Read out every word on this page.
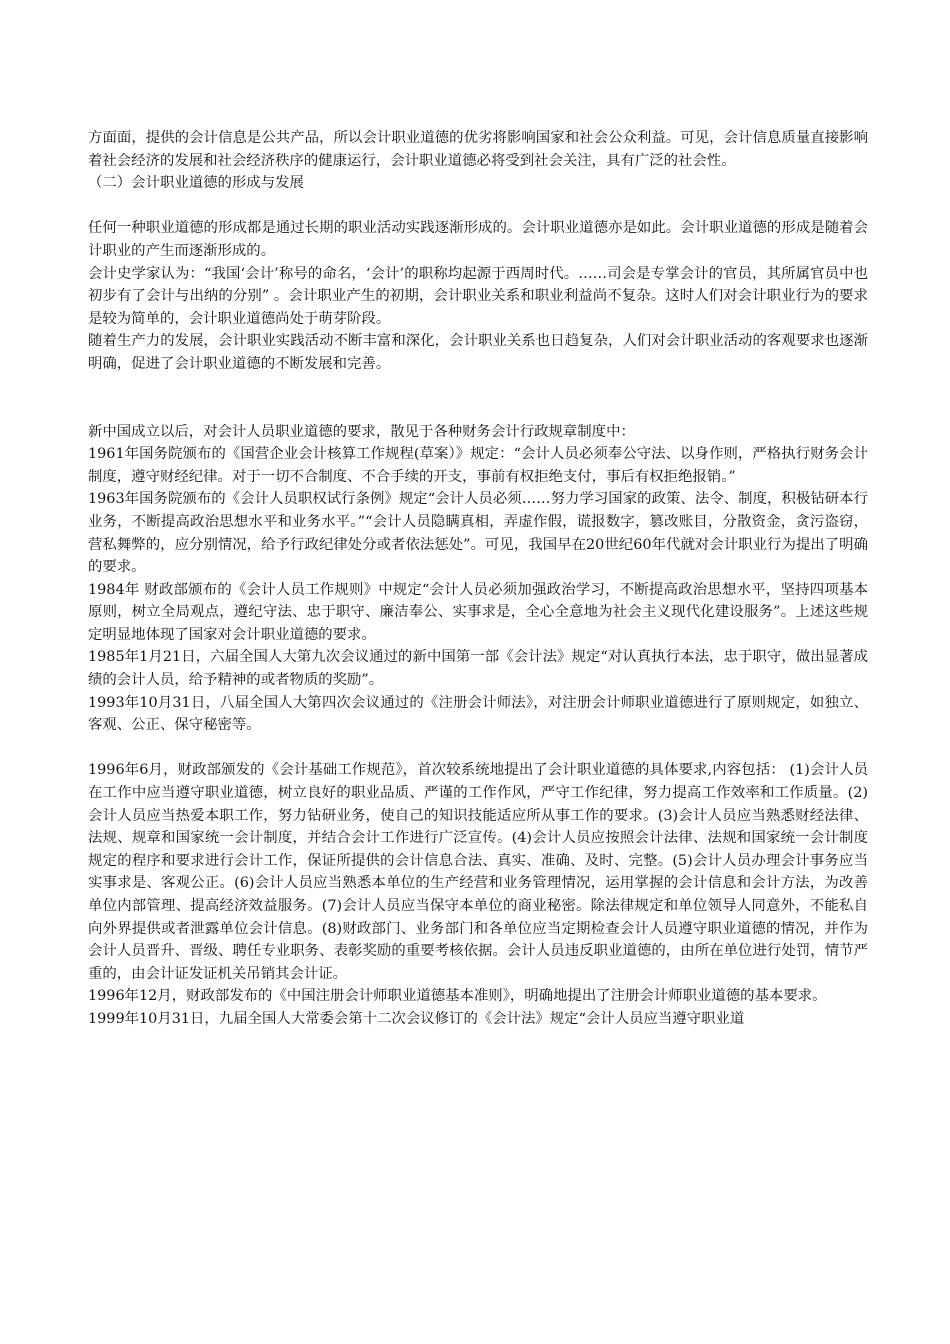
方面面，提供的会计信息是公共产品，所以会计职业道德的优劣将影响国家和社会公众利益。可见，会计信息质量直接影响着社会经济的发展和社会经济秩序的健康运行，会计职业道德必将受到社会关注，具有广泛的社会性。

（二）会计职业道德的形成与发展

任何一种职业道德的形成都是通过长期的职业活动实践逐渐形成的。会计职业道德亦是如此。会计职业道德的形成是随着会计职业的产生而逐渐形成的。

会计史学家认为：“我国‘会计’称号的命名，‘会计’的职称均起源于西周时代。……司会是专掌会计的官员，其所属官员中也初步有了会计与出纳的分别” 。会计职业产生的初期，会计职业关系和职业利益尚不复杂。这时人们对会计职业行为的要求是较为简单的，会计职业道德尚处于萌芽阶段。

随着生产力的发展，会计职业实践活动不断丰富和深化，会计职业关系也日趋复杂，人们对会计职业活动的客观要求也逐渐明确，促进了会计职业道德的不断发展和完善。

新中国成立以后，对会计人员职业道德的要求，散见于各种财务会计行政规章制度中：

1961年国务院颁布的《国营企业会计核算工作规程(草案）》规定：“会计人员必须奉公守法、以身作则，严格执行财务会计制度，遵守财经纪律。对于一切不合制度、不合手续的开支，事前有权拒绝支付，事后有权拒绝报销。”

1963年国务院颁布的《会计人员职权试行条例》规定“会计人员必须……努力学习国家的政策、法令、制度，积极钻研本行业务，不断提高政治思想水平和业务水平。”“会计人员隐瞒真相，弄虚作假，谎报数字，篡改账目，分散资金，贪污盗窃，营私舞弊的，应分别情况，给予行政纪律处分或者依法惩处”。可见，我国早在20世纪60年代就对会计职业行为提出了明确的要求。

1984年 财政部颁布的《会计人员工作规则》中规定“会计人员必须加强政治学习，不断提高政治思想水平，坚持四项基本原则，树立全局观点，遵纪守法、忠于职守、廉洁奉公、实事求是，全心全意地为社会主义现代化建设服务”。上述这些规定明显地体现了国家对会计职业道德的要求。

1985年1月21日，六届全国人大第九次会议通过的新中国第一部《会计法》规定“对认真执行本法，忠于职守，做出显著成绩的会计人员，给予精神的或者物质的奖励”。

1993年10月31日，八届全国人大第四次会议通过的《注册会计师法》，对注册会计师职业道德进行了原则规定，如独立、客观、公正、保守秘密等。

1996年6月，财政部颁发的《会计基础工作规范》，首次较系统地提出了会计职业道德的具体要求,内容包括： (1)会计人员在工作中应当遵守职业道德，树立良好的职业品质、严谨的工作作风，严守工作纪律，努力提高工作效率和工作质量。(2)会计人员应当热爱本职工作，努力钻研业务，使自己的知识技能适应所从事工作的要求。(3)会计人员应当熟悉财经法律、法规、规章和国家统一会计制度，并结合会计工作进行广泛宣传。(4)会计人员应按照会计法律、法规和国家统一会计制度规定的程序和要求进行会计工作，保证所提供的会计信息合法、真实、准确、及时、完整。(5)会计人员办理会计事务应当实事求是、客观公正。(6)会计人员应当熟悉本单位的生产经营和业务管理情况，运用掌握的会计信息和会计方法，为改善单位内部管理、提高经济效益服务。(7)会计人员应当保守本单位的商业秘密。除法律规定和单位领导人同意外，不能私自向外界提供或者泄露单位会计信息。(8)财政部门、业务部门和各单位应当定期检查会计人员遵守职业道德的情况，并作为会计人员晋升、晋级、聘任专业职务、表彰奖励的重要考核依据。会计人员违反职业道德的，由所在单位进行处罚，情节严重的，由会计证发证机关吊销其会计证。

1996年12月，财政部发布的《中国注册会计师职业道德基本准则》，明确地提出了注册会计师职业道德的基本要求。

1999年10月31日，九届全国人大常委会第十二次会议修订的《会计法》规定“会计人员应当遵守职业道
